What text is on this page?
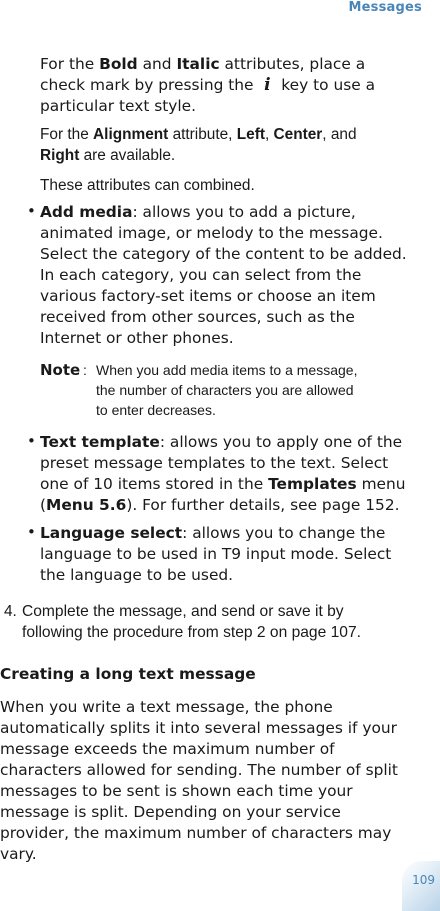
Messages
For the Bold and Italic attributes, place a
check mark by pressing the i key to use a
particular text style.
For the Alignment attribute, Left, Center, and
Right are available.
These attributes can combined.
• Add media: allows you to add a picture,
animated image, or melody to the message.
Select the category of the content to be added.
In each category, you can select from the
various factory-set items or choose an item
received from other sources, such as the
Internet or other phones.
Note : When you add media items to a message,
the number of characters you are allowed
to enter decreases.
• Text template: allows you to apply one of the
preset message templates to the text. Select
one of 10 items stored in the Templates menu
(Menu 5.6). For further details, see page 152.
• Language select: allows you to change the
language to be used in T9 input mode. Select
the language to be used.
4. Complete the message, and send or save it by
following the procedure from step 2 on page 107.
Creating a long text message
When you write a text message, the phone
automatically splits it into several messages if your
message exceeds the maximum number of
characters allowed for sending. The number of split
messages to be sent is shown each time your
message is split. Depending on your service
provider, the maximum number of characters may
vary.
109
